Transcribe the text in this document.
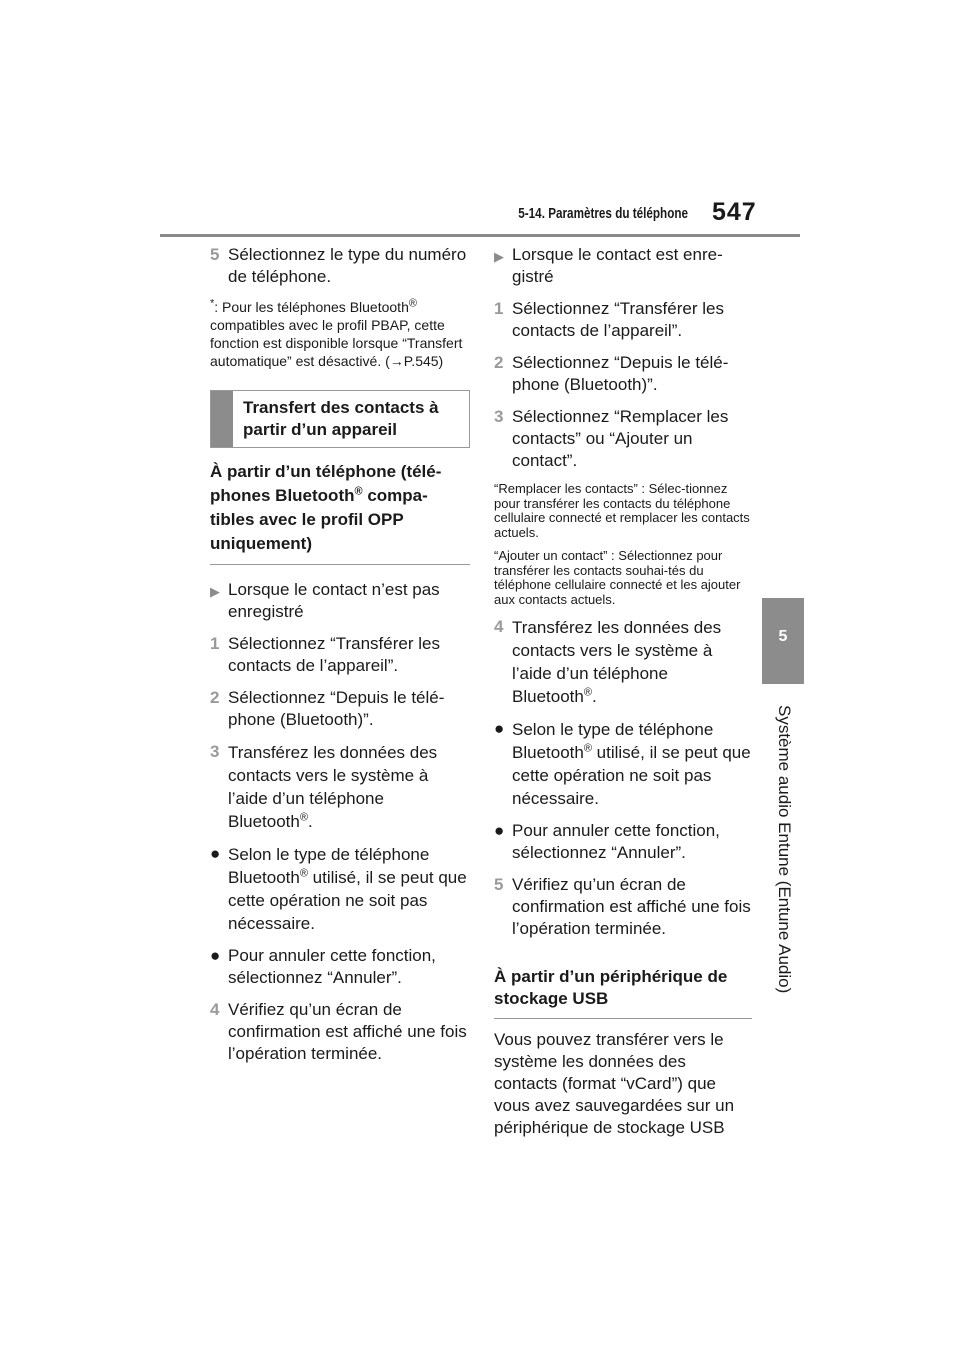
5-14. Paramètres du téléphone 547
5
Système audio Entune (Entune Audio)
5 Sélectionnez le type du numéro de téléphone.
*: Pour les téléphones Bluetooth® compatibles avec le profil PBAP, cette fonction est disponible lorsque “Transfert automatique” est désactivé. (→P.545)
Transfert des contacts à partir d’un appareil
À partir d’un téléphone (télé-phones Bluetooth® compa-tibles avec le profil OPP uniquement)
▶ Lorsque le contact n’est pas enregistré
1 Sélectionnez “Transférer les contacts de l’appareil”.
2 Sélectionnez “Depuis le télé-phone (Bluetooth)”.
3 Transférez les données des contacts vers le système à l’aide d’un téléphone Bluetooth®.
● Selon le type de téléphone Bluetooth® utilisé, il se peut que cette opération ne soit pas nécessaire.
● Pour annuler cette fonction, sélectionnez “Annuler”.
4 Vérifiez qu’un écran de confirmation est affiché une fois l’opération terminée.
▶ Lorsque le contact est enre-gistré
1 Sélectionnez “Transférer les contacts de l’appareil”.
2 Sélectionnez “Depuis le télé-phone (Bluetooth)”.
3 Sélectionnez “Remplacer les contacts” ou “Ajouter un contact”.
“Remplacer les contacts” : Sélec-tionnez pour transférer les contacts du téléphone cellulaire connecté et remplacer les contacts actuels.
“Ajouter un contact” : Sélectionnez pour transférer les contacts souhai-tés du téléphone cellulaire connecté et les ajouter aux contacts actuels.
4 Transférez les données des contacts vers le système à l’aide d’un téléphone Bluetooth®.
● Selon le type de téléphone Bluetooth® utilisé, il se peut que cette opération ne soit pas nécessaire.
● Pour annuler cette fonction, sélectionnez “Annuler”.
5 Vérifiez qu’un écran de confirmation est affiché une fois l’opération terminée.
À partir d’un périphérique de stockage USB
Vous pouvez transférer vers le système les données des contacts (format “vCard”) que vous avez sauvegardées sur un périphérique de stockage USB
